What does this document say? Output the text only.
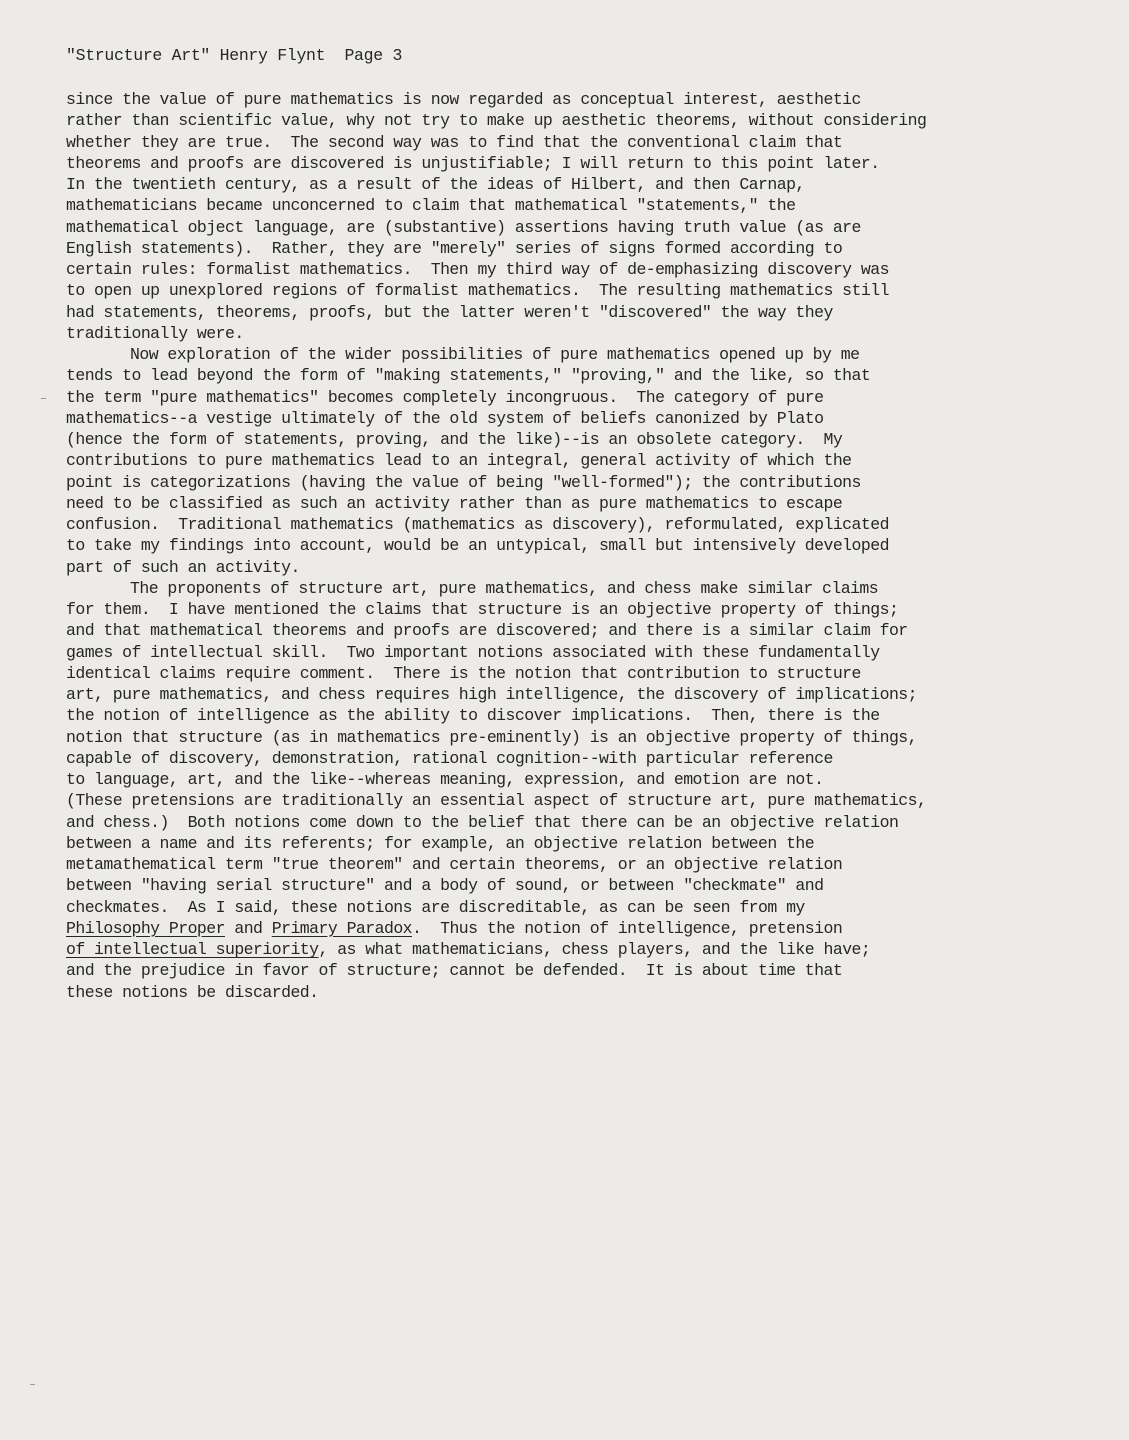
"Structure Art" Henry Flynt  Page 3
since the value of pure mathematics is now regarded as conceptual interest, aesthetic
rather than scientific value, why not try to make up aesthetic theorems, without considering
whether they are true.  The second way was to find that the conventional claim that
theorems and proofs are discovered is unjustifiable; I will return to this point later.
In the twentieth century, as a result of the ideas of Hilbert, and then Carnap,
mathematicians became unconcerned to claim that mathematical "statements," the
mathematical object language, are (substantive) assertions having truth value (as are
English statements).  Rather, they are "merely" series of signs formed according to
certain rules: formalist mathematics.  Then my third way of de-emphasizing discovery was
to open up unexplored regions of formalist mathematics.  The resulting mathematics still
had statements, theorems, proofs, but the latter weren't "discovered" the way they
traditionally were.
Now exploration of the wider possibilities of pure mathematics opened up by me
tends to lead beyond the form of "making statements," "proving," and the like, so that
the term "pure mathematics" becomes completely incongruous.  The category of pure
mathematics--a vestige ultimately of the old system of beliefs canonized by Plato
(hence the form of statements, proving, and the like)--is an obsolete category.  My
contributions to pure mathematics lead to an integral, general activity of which the
point is categorizations (having the value of being "well-formed"); the contributions
need to be classified as such an activity rather than as pure mathematics to escape
confusion.  Traditional mathematics (mathematics as discovery), reformulated, explicated
to take my findings into account, would be an untypical, small but intensively developed
part of such an activity.
The proponents of structure art, pure mathematics, and chess make similar claims
for them.  I have mentioned the claims that structure is an objective property of things;
and that mathematical theorems and proofs are discovered; and there is a similar claim for
games of intellectual skill.  Two important notions associated with these fundamentally
identical claims require comment.  There is the notion that contribution to structure
art, pure mathematics, and chess requires high intelligence, the discovery of implications;
the notion of intelligence as the ability to discover implications.  Then, there is the
notion that structure (as in mathematics pre-eminently) is an objective property of things,
capable of discovery, demonstration, rational cognition--with particular reference
to language, art, and the like--whereas meaning, expression, and emotion are not.
(These pretensions are traditionally an essential aspect of structure art, pure mathematics,
and chess.)  Both notions come down to the belief that there can be an objective relation
between a name and its referents; for example, an objective relation between the
metamathematical term "true theorem" and certain theorems, or an objective relation
between "having serial structure" and a body of sound, or between "checkmate" and
checkmates.  As I said, these notions are discreditable, as can be seen from my
Philosophy Proper and Primary Paradox.  Thus the notion of intelligence, pretension
of intellectual superiority, as what mathematicians, chess players, and the like have;
and the prejudice in favor of structure; cannot be defended.  It is about time that
these notions be discarded.
